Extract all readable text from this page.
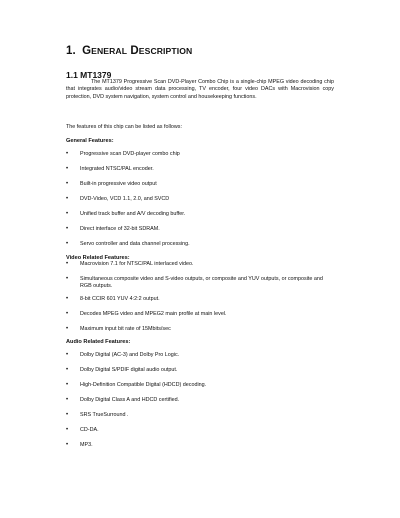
1. GENERAL DESCRIPTION
1.1 MT1379
The MT1379 Progressive Scan DVD-Player Combo Chip is a single-chip MPEG video decoding chip that integrates audio/video stream data processing, TV encoder, four video DACs with Macrovision copy protection, DVD system navigation, system control and housekeeping functions.
The features of this chip can be listed as follows:
General Features:
• Progressive scan DVD-player combo chip
• Integrated NTSC/PAL encoder.
• Built-in progressive video output
• DVD-Video, VCD 1.1, 2.0, and SVCD
• Unified track buffer and A/V decoding buffer.
• Direct interface of 32-bit SDRAM.
• Servo controller and data channel processing.
Video Related Features:
• Macrovision 7.1 for NTSC/PAL interlaced video.
• Simultaneous composite video and S-video outputs, or composite and YUV outputs, or composite and RGB outputs.
• 8-bit CCIR 601 YUV 4:2:2 output.
• Decodes MPEG video and MPEG2 main profile at main level.
• Maximum input bit rate of 15Mbits/sec
Audio Related Features:
• Dolby Digital (AC-3) and Dolby Pro Logic.
• Dolby Digital S/PDIF digital audio output.
• High-Definition Compatible Digital (HDCD) decoding.
• Dolby Digital Class A and HDCD certified.
• SRS TrueSurround .
• CD-DA.
• MP3.
